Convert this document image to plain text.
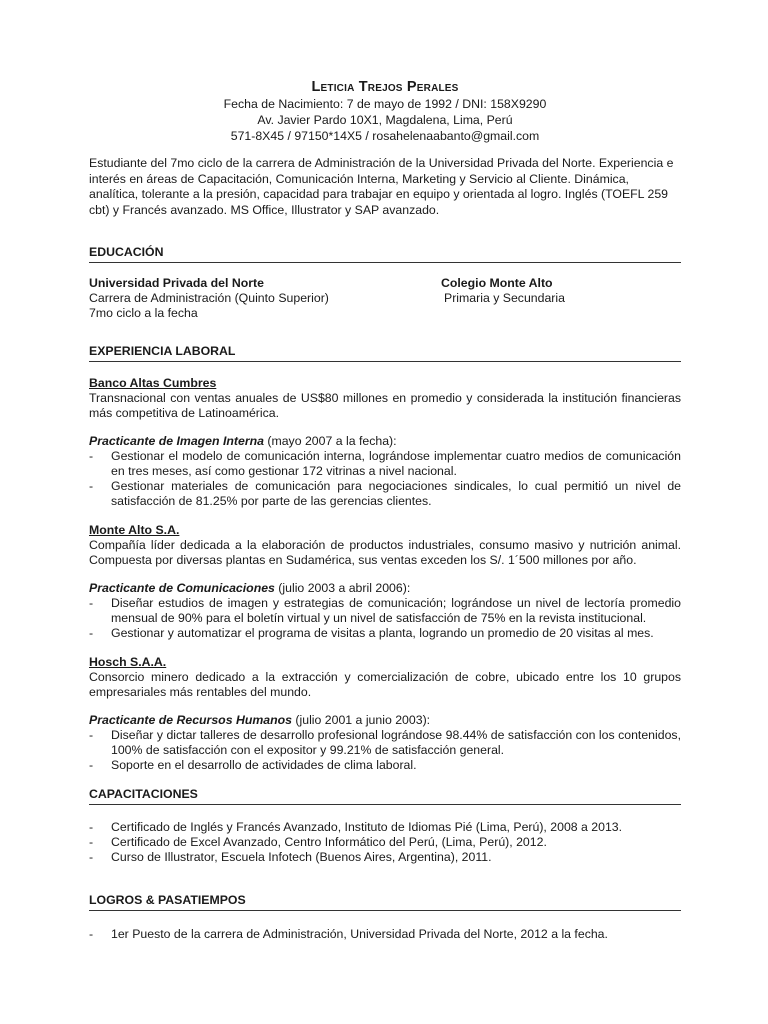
Leticia Trejos Perales
Fecha de Nacimiento: 7 de mayo de 1992 / DNI: 158X9290
Av. Javier Pardo 10X1, Magdalena, Lima, Perú
571-8X45 / 97150*14X5 / rosahelenaabanto@gmail.com
Estudiante del 7mo ciclo de la carrera de Administración de la Universidad Privada del Norte. Experiencia e interés en áreas de Capacitación, Comunicación Interna, Marketing y Servicio al Cliente. Dinámica, analítica, tolerante a la presión, capacidad para trabajar en equipo y orientada al logro. Inglés (TOEFL 259 cbt) y Francés avanzado. MS Office, Illustrator y SAP avanzado.
EDUCACIÓN
Universidad Privada del Norte
Carrera de Administración (Quinto Superior)
7mo ciclo a la fecha
Colegio Monte Alto
Primaria y Secundaria
EXPERIENCIA LABORAL
Banco Altas Cumbres
Transnacional con ventas anuales de US$80 millones en promedio y considerada la institución financieras más competitiva de Latinoamérica.
Practicante de Imagen Interna (mayo 2007 a la fecha):
- Gestionar el modelo de comunicación interna, lográndose implementar cuatro medios de comunicación en tres meses, así como gestionar 172 vitrinas a nivel nacional.
- Gestionar materiales de comunicación para negociaciones sindicales, lo cual permitió un nivel de satisfacción de 81.25% por parte de las gerencias clientes.
Monte Alto S.A.
Compañía líder dedicada a la elaboración de productos industriales, consumo masivo y nutrición animal. Compuesta por diversas plantas en Sudamérica, sus ventas exceden los S/. 1´500 millones por año.
Practicante de Comunicaciones (julio 2003 a abril 2006):
- Diseñar estudios de imagen y estrategias de comunicación; lográndose un nivel de lectoría promedio mensual de 90% para el boletín virtual y un nivel de satisfacción de 75% en la revista institucional.
- Gestionar y automatizar el programa de visitas a planta, logrando un promedio de 20 visitas al mes.
Hosch S.A.A.
Consorcio minero dedicado a la extracción y comercialización de cobre, ubicado entre los 10 grupos empresariales más rentables del mundo.
Practicante de Recursos Humanos (julio 2001 a junio 2003):
- Diseñar y dictar talleres de desarrollo profesional lográndose 98.44% de satisfacción con los contenidos, 100% de satisfacción con el expositor y 99.21% de satisfacción general.
- Soporte en el desarrollo de actividades de clima laboral.
CAPACITACIONES
- Certificado de Inglés y Francés Avanzado, Instituto de Idiomas Pié (Lima, Perú), 2008 a 2013.
- Certificado de Excel Avanzado, Centro Informático del Perú, (Lima, Perú), 2012.
- Curso de Illustrator, Escuela Infotech (Buenos Aires, Argentina), 2011.
LOGROS & PASATIEMPOS
- 1er Puesto de la carrera de Administración, Universidad Privada del Norte, 2012 a la fecha.
